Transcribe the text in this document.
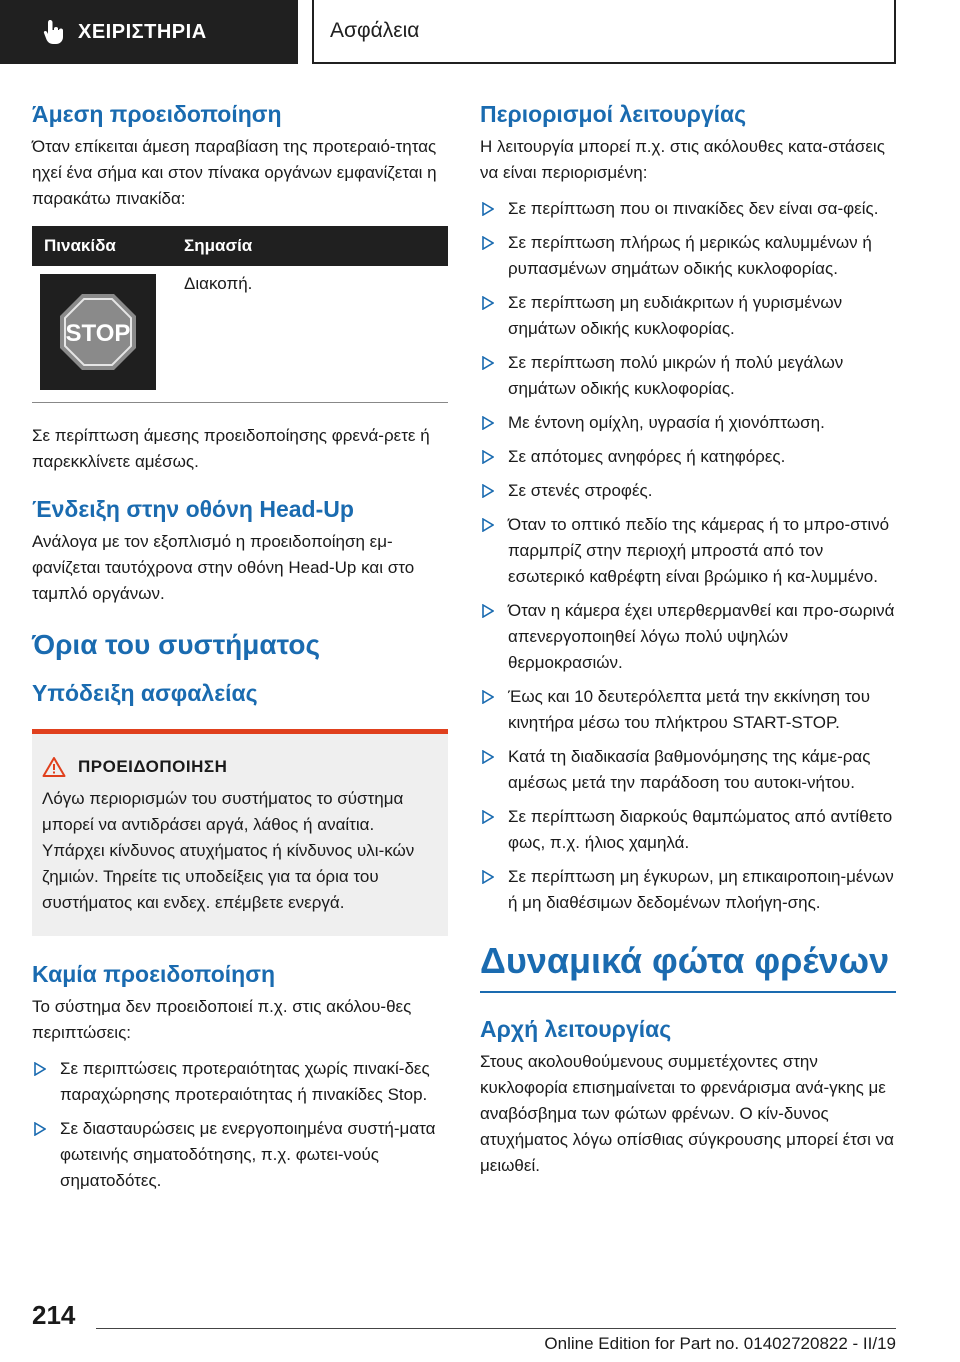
ΧΕΙΡΙΣΤΗΡΙΑ	Ασφάλεια
Άμεση προειδοποίηση

Όταν επίκειται άμεση παραβίαση της προτεραιό-τητας ηχεί ένα σήμα και στον πίνακα οργάνων εμφανίζεται η παρακάτω πινακίδα:

Πινακίδα	Σημασία

STOP	Διακοπή.

Σε περίπτωση άμεσης προειδοποίησης φρενά-ρετε ή παρεκκλίνετε αμέσως.

Ένδειξη στην οθόνη Head-Up

Ανάλογα με τον εξοπλισμό η προειδοποίηση εμ-φανίζεται ταυτόχρονα στην οθόνη Head-Up και στο ταμπλό οργάνων.

Όρια του συστήματος
Υπόδειξη ασφαλείας
ΠΡΟΕΙΔΟΠΟΙΗΣΗ

Λόγω περιορισμών του συστήματος το σύστημα μπορεί να αντιδράσει αργά, λάθος ή αναίτια. Υπάρχει κίνδυνος ατυχήματος ή κίνδυνος υλι-κών ζημιών. Τηρείτε τις υποδείξεις για τα όρια του συστήματος και ενδεχ. επέμβετε ενεργά.

Καμία προειδοποίηση

Το σύστημα δεν προειδοποιεί π.χ. στις ακόλου-θες περιπτώσεις:

Σε περιπτώσεις προτεραιότητας χωρίς πινακί-δες παραχώρησης προτεραιότητας ή πινακίδες Stop.
Σε διασταυρώσεις με ενεργοποιημένα συστή-ματα φωτεινής σηματοδότησης, π.χ. φωτει-νούς σηματοδότες.
Περιορισμοί λειτουργίας

Η λειτουργία μπορεί π.χ. στις ακόλουθες κατα-στάσεις να είναι περιορισμένη:

Σε περίπτωση που οι πινακίδες δεν είναι σα-φείς.
Σε περίπτωση πλήρως ή μερικώς καλυμμένων ή ρυπασμένων σημάτων οδικής κυκλοφορίας.
Σε περίπτωση μη ευδιάκριτων ή γυρισμένων σημάτων οδικής κυκλοφορίας.
Σε περίπτωση πολύ μικρών ή πολύ μεγάλων σημάτων οδικής κυκλοφορίας.
Με έντονη ομίχλη, υγρασία ή χιονόπτωση.
Σε απότομες ανηφόρες ή κατηφόρες.
Σε στενές στροφές.
Όταν το οπτικό πεδίο της κάμερας ή το μπρο-στινό παρμπρίζ στην περιοχή μπροστά από τον εσωτερικό καθρέφτη είναι βρώμικο ή κα-λυμμένο.
Όταν η κάμερα έχει υπερθερμανθεί και προ-σωρινά απενεργοποιηθεί λόγω πολύ υψηλών θερμοκρασιών.
Έως και 10 δευτερόλεπτα μετά την εκκίνηση του κινητήρα μέσω του πλήκτρου START-STOP.
Κατά τη διαδικασία βαθμονόμησης της κάμε-ρας αμέσως μετά την παράδοση του αυτοκι-νήτου.
Σε περίπτωση διαρκούς θαμπώματος από αντίθετο φως, π.χ. ήλιος χαμηλά.
Σε περίπτωση μη έγκυρων, μη επικαιροποιη-μένων ή μη διαθέσιμων δεδομένων πλοήγη-σης.
Δυναμικά φώτα φρένων
Αρχή λειτουργίας

Στους ακολουθούμενους συμμετέχοντες στην κυκλοφορία επισημαίνεται το φρενάρισμα ανά-γκης με αναβόσβημα των φώτων φρένων. Ο κίν-δυνος ατυχήματος λόγω οπίσθιας σύγκρουσης μπορεί έτσι να μειωθεί.

214
Online Edition for Part no. 01402720822 - II/19
